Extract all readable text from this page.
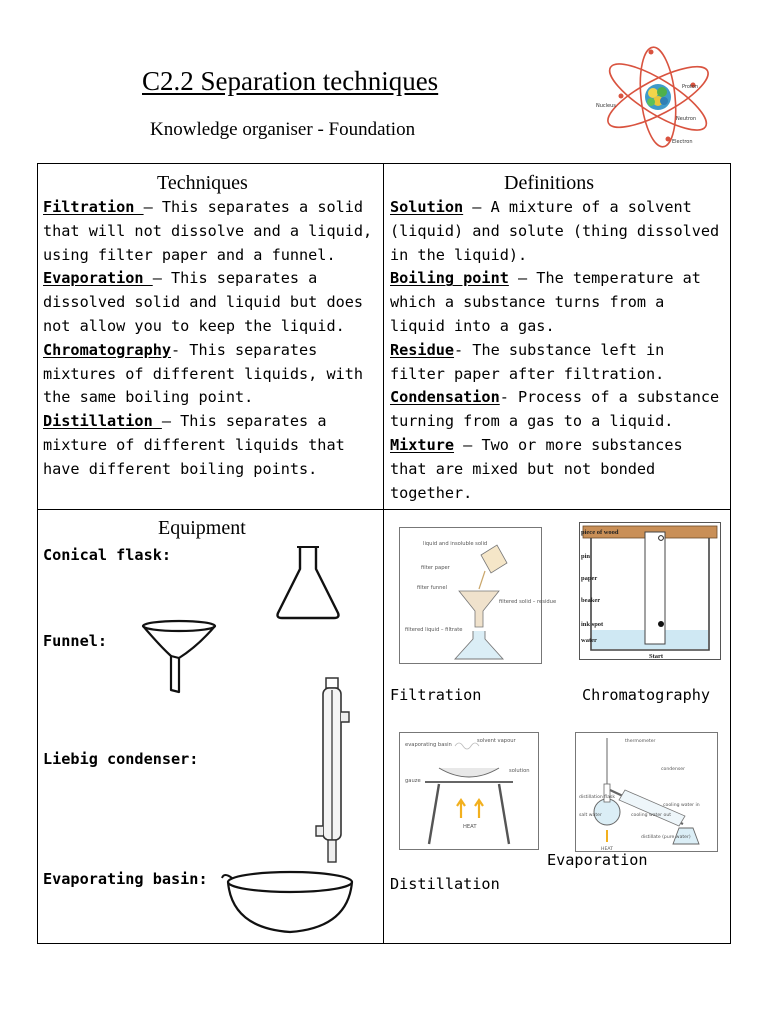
C2.2 Separation techniques

Knowledge organiser - Foundation

Proton
Nucleus
Neutron
Electron
Techniques
Filtration – This separates a solid that will not dissolve and a liquid, using filter paper and a funnel.
Evaporation – This separates a dissolved solid and liquid but does not allow you to keep the liquid.
Chromatography- This separates mixtures of different liquids, with the same boiling point.
Distillation – This separates a mixture of different liquids that have different boiling points.
Definitions
Solution – A mixture of a solvent (liquid) and solute (thing dissolved in the liquid).
Boiling point – The temperature at which a substance turns from a liquid into a gas.
Residue- The substance left in filter paper after filtration.
Condensation- Process of a substance turning from a gas to a liquid.
Mixture – Two or more substances that are mixed but not bonded together.
Equipment
Conical flask:
Funnel:
Liebig condenser:
Evaporating basin:
liquid and insoluble solid
filter paper
filter funnel
filtered solid – residue
filtered liquid – filtrate
piece of wood
pin
paper
beaker
ink spot
water
Start
Filtration	Chromatography
evaporating basin
solvent vapour
solution
gauze
HEAT
thermometer
condenser
distillation flask
salt water	cooling water out
cooling water in
distillate (pure water)
HEAT
Evaporation
Distillation
